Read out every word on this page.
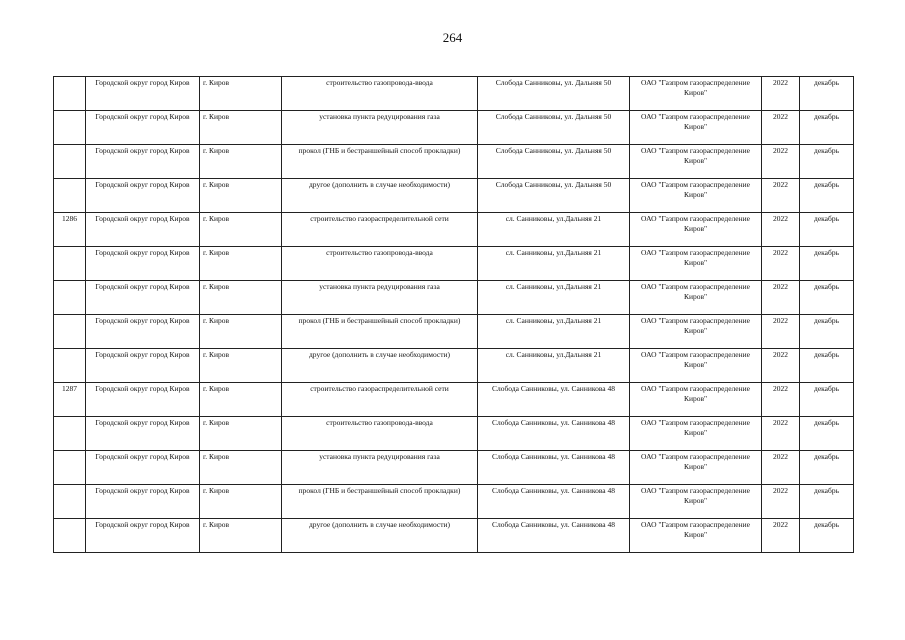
264
	Городской округ город Киров	г. Киров	строительство газопровода-ввода	Слобода Санниковы, ул. Дальняя 50	ОАО "Газпром газораспределение Киров"	2022	декабрь
	Городской округ город Киров	г. Киров	установка пункта редуцирования газа	Слобода Санниковы, ул. Дальняя 50	ОАО "Газпром газораспределение Киров"	2022	декабрь
	Городской округ город Киров	г. Киров	прокол (ГНБ и бестраншейный способ прокладки)	Слобода Санниковы, ул. Дальняя 50	ОАО "Газпром газораспределение Киров"	2022	декабрь
	Городской округ город Киров	г. Киров	другое (дополнить в случае необходимости)	Слобода Санниковы, ул. Дальняя 50	ОАО "Газпром газораспределение Киров"	2022	декабрь
1286	Городской округ город Киров	г. Киров	строительство газораспределительной сети	сл. Санниковы, ул.Дальняя 21	ОАО "Газпром газораспределение Киров"	2022	декабрь
	Городской округ город Киров	г. Киров	строительство газопровода-ввода	сл. Санниковы, ул.Дальняя 21	ОАО "Газпром газораспределение Киров"	2022	декабрь
	Городской округ город Киров	г. Киров	установка пункта редуцирования газа	сл. Санниковы, ул.Дальняя 21	ОАО "Газпром газораспределение Киров"	2022	декабрь
	Городской округ город Киров	г. Киров	прокол (ГНБ и бестраншейный способ прокладки)	сл. Санниковы, ул.Дальняя 21	ОАО "Газпром газораспределение Киров"	2022	декабрь
	Городской округ город Киров	г. Киров	другое (дополнить в случае необходимости)	сл. Санниковы, ул.Дальняя 21	ОАО "Газпром газораспределение Киров"	2022	декабрь
1287	Городской округ город Киров	г. Киров	строительство газораспределительной сети	Слобода Санниковы, ул. Санникова 48	ОАО "Газпром газораспределение Киров"	2022	декабрь
	Городской округ город Киров	г. Киров	строительство газопровода-ввода	Слобода Санниковы, ул. Санникова 48	ОАО "Газпром газораспределение Киров"	2022	декабрь
	Городской округ город Киров	г. Киров	установка пункта редуцирования газа	Слобода Санниковы, ул. Санникова 48	ОАО "Газпром газораспределение Киров"	2022	декабрь
	Городской округ город Киров	г. Киров	прокол (ГНБ и бестраншейный способ прокладки)	Слобода Санниковы, ул. Санникова 48	ОАО "Газпром газораспределение Киров"	2022	декабрь
	Городской округ город Киров	г. Киров	другое (дополнить в случае необходимости)	Слобода Санниковы, ул. Санникова 48	ОАО "Газпром газораспределение Киров"	2022	декабрь
